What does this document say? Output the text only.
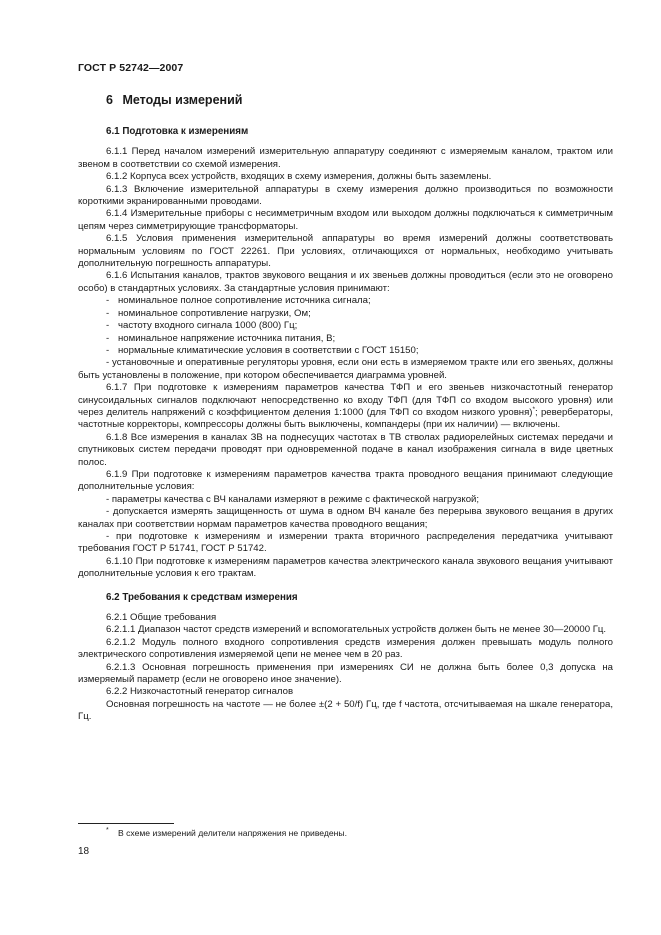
ГОСТ Р 52742—2007
6 Методы измерений

6.1 Подготовка к измерениям

6.1.1 Перед началом измерений измерительную аппаратуру соединяют с измеряемым каналом, трактом или звеном в соответствии со схемой измерения.

6.1.2 Корпуса всех устройств, входящих в схему измерения, должны быть заземлены.

6.1.3 Включение измерительной аппаратуры в схему измерения должно производиться по возможности короткими экранированными проводами.

6.1.4 Измерительные приборы с несимметричным входом или выходом должны подключаться к симметричным цепям через симметрирующие трансформаторы.

6.1.5 Условия применения измерительной аппаратуры во время измерений должны соответствовать нормальным условиям по ГОСТ 22261. При условиях, отличающихся от нормальных, необходимо учитывать дополнительную погрешность аппаратуры.

6.1.6 Испытания каналов, трактов звукового вещания и их звеньев должны проводиться (если это не оговорено особо) в стандартных условиях. За стандартные условия принимают:

- номинальное полное сопротивление источника сигнала;

- номинальное сопротивление нагрузки, Ом;

- частоту входного сигнала 1000 (800) Гц;

- номинальное напряжение источника питания, В;

- нормальные климатические условия в соответствии с ГОСТ 15150;

- установочные и оперативные регуляторы уровня, если они есть в измеряемом тракте или его звеньях, должны быть установлены в положение, при котором обеспечивается диаграмма уровней.

6.1.7 При подготовке к измерениям параметров качества ТФП и его звеньев низкочастотный генератор синусоидальных сигналов подключают непосредственно ко входу ТФП (для ТФП со входом высокого уровня) или через делитель напряжений с коэффициентом деления 1:1000 (для ТФП со входом низкого уровня)*; ревербераторы, частотные корректоры, компрессоры должны быть выключены, компандеры (при их наличии) — включены.

6.1.8 Все измерения в каналах ЗВ на поднесущих частотах в ТВ стволах радиорелейных системах передачи и спутниковых систем передачи проводят при одновременной подаче в канал изображения сигнала в виде цветных полос.

6.1.9 При подготовке к измерениям параметров качества тракта проводного вещания принимают следующие дополнительные условия:

- параметры качества с ВЧ каналами измеряют в режиме с фактической нагрузкой;

- допускается измерять защищенность от шума в одном ВЧ канале без перерыва звукового вещания в других каналах при соответствии нормам параметров качества проводного вещания;

- при подготовке к измерениям и измерении тракта вторичного распределения передатчика учитывают требования ГОСТ Р 51741, ГОСТ Р 51742.

6.1.10 При подготовке к измерениям параметров качества электрического канала звукового вещания учитывают дополнительные условия к его трактам.

6.2 Требования к средствам измерения

6.2.1 Общие требования

6.2.1.1 Диапазон частот средств измерений и вспомогательных устройств должен быть не менее 30—20000 Гц.

6.2.1.2 Модуль полного входного сопротивления средств измерения должен превышать модуль полного электрического сопротивления измеряемой цепи не менее чем в 20 раз.

6.2.1.3 Основная погрешность применения при измерениях СИ не должна быть более 0,3 допуска на измеряемый параметр (если не оговорено иное значение).

6.2.2 Низкочастотный генератор сигналов

Основная погрешность на частоте — не более ±(2 + 50/f) Гц, где f частота, отсчитываемая на шкале генератора, Гц.

* В схеме измерений делители напряжения не приведены.
18
